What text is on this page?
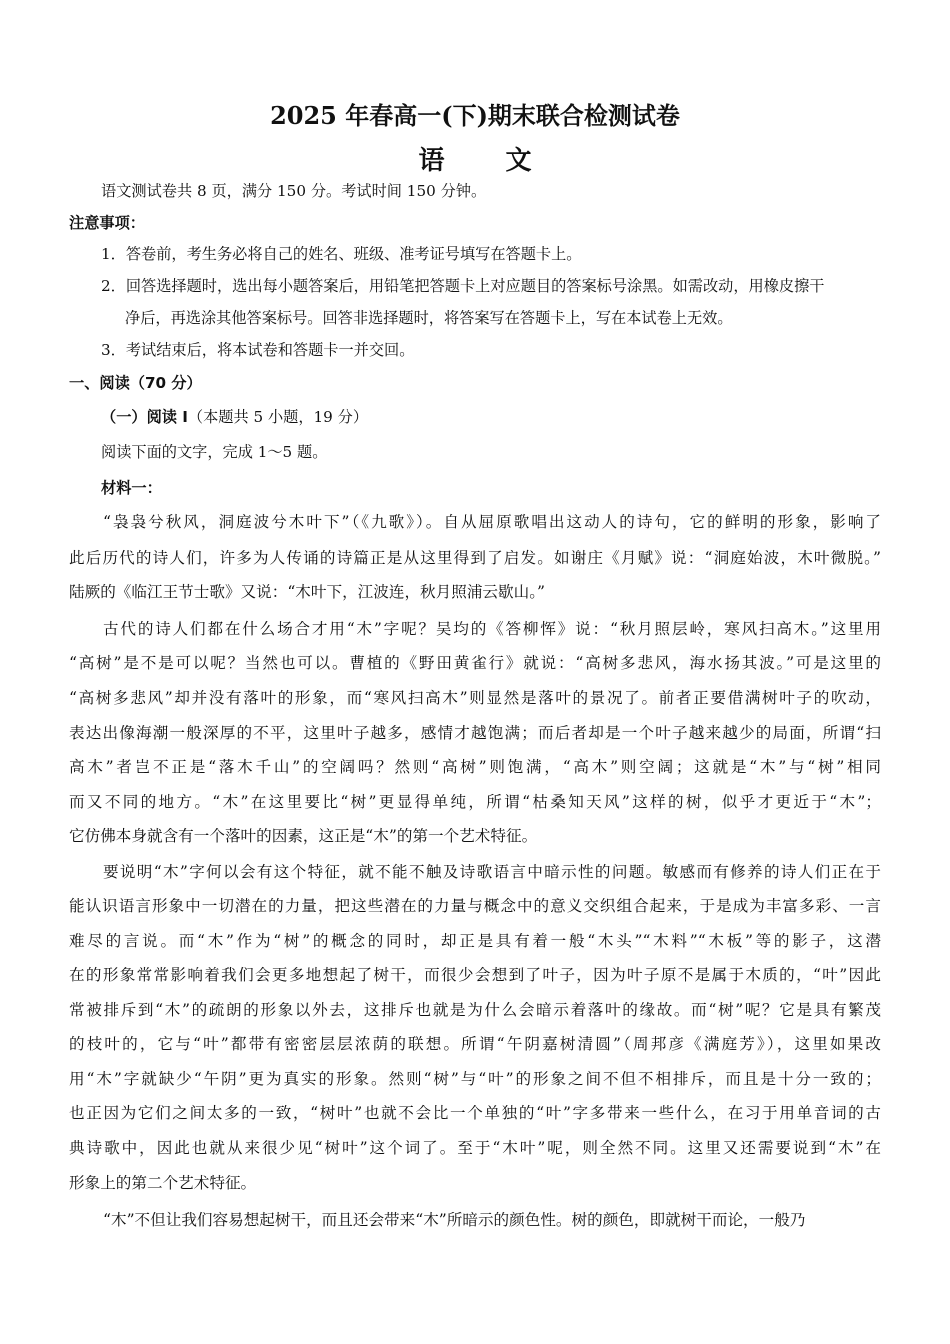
2025 年春高一(下)期末联合检测试卷
语 文
语文测试卷共 8 页，满分 150 分。考试时间 150 分钟。
注意事项：
1．答卷前，考生务必将自己的姓名、班级、准考证号填写在答题卡上。
2．回答选择题时，选出每小题答案后，用铅笔把答题卡上对应题目的答案标号涂黑。如需改动，用橡皮擦干
净后，再选涂其他答案标号。回答非选择题时，将答案写在答题卡上，写在本试卷上无效。
3．考试结束后，将本试卷和答题卡一并交回。
一、阅读（70 分）
（一）阅读 I（本题共 5 小题，19 分）
阅读下面的文字，完成 1～5 题。
材料一：
“袅袅兮秋风，洞庭波兮木叶下”（《九歌》）。自从屈原歌唱出这动人的诗句，它的鲜明的形象，影响了
此后历代的诗人们，许多为人传诵的诗篇正是从这里得到了启发。如谢庄《月赋》说：“洞庭始波，木叶微脱。”
陆厥的《临江王节士歌》又说：“木叶下，江波连，秋月照浦云歇山。”
古代的诗人们都在什么场合才用“木”字呢？吴均的《答柳恽》说：“秋月照层岭，寒风扫高木。”这里用
“高树”是不是可以呢？当然也可以。曹植的《野田黄雀行》就说：“高树多悲风，海水扬其波。”可是这里的
“高树多悲风”却并没有落叶的形象，而“寒风扫高木”则显然是落叶的景况了。前者正要借满树叶子的吹动，
表达出像海潮一般深厚的不平，这里叶子越多，感情才越饱满；而后者却是一个叶子越来越少的局面，所谓“扫
高木”者岂不正是“落木千山”的空阔吗？然则“高树”则饱满，“高木”则空阔；这就是“木”与“树”相同
而又不同的地方。“木”在这里要比“树”更显得单纯，所谓“枯桑知天风”这样的树，似乎才更近于“木”；
它仿佛本身就含有一个落叶的因素，这正是“木”的第一个艺术特征。
要说明“木”字何以会有这个特征，就不能不触及诗歌语言中暗示性的问题。敏感而有修养的诗人们正在于
能认识语言形象中一切潜在的力量，把这些潜在的力量与概念中的意义交织组合起来，于是成为丰富多彩、一言
难尽的言说。而“木”作为“树”的概念的同时，却正是具有着一般“木头”“木料”“木板”等的影子，这潜
在的形象常常影响着我们会更多地想起了树干，而很少会想到了叶子，因为叶子原不是属于木质的，“叶”因此
常被排斥到“木”的疏朗的形象以外去，这排斥也就是为什么会暗示着落叶的缘故。而“树”呢？它是具有繁茂
的枝叶的，它与“叶”都带有密密层层浓荫的联想。所谓“午阴嘉树清圆”（周邦彦《满庭芳》），这里如果改
用“木”字就缺少“午阴”更为真实的形象。然则“树”与“叶”的形象之间不但不相排斥，而且是十分一致的；
也正因为它们之间太多的一致，“树叶”也就不会比一个单独的“叶”字多带来一些什么，在习于用单音词的古
典诗歌中，因此也就从来很少见“树叶”这个词了。至于“木叶”呢，则全然不同。这里又还需要说到“木”在
形象上的第二个艺术特征。
“木”不但让我们容易想起树干，而且还会带来“木”所暗示的颜色性。树的颜色，即就树干而论，一般乃
